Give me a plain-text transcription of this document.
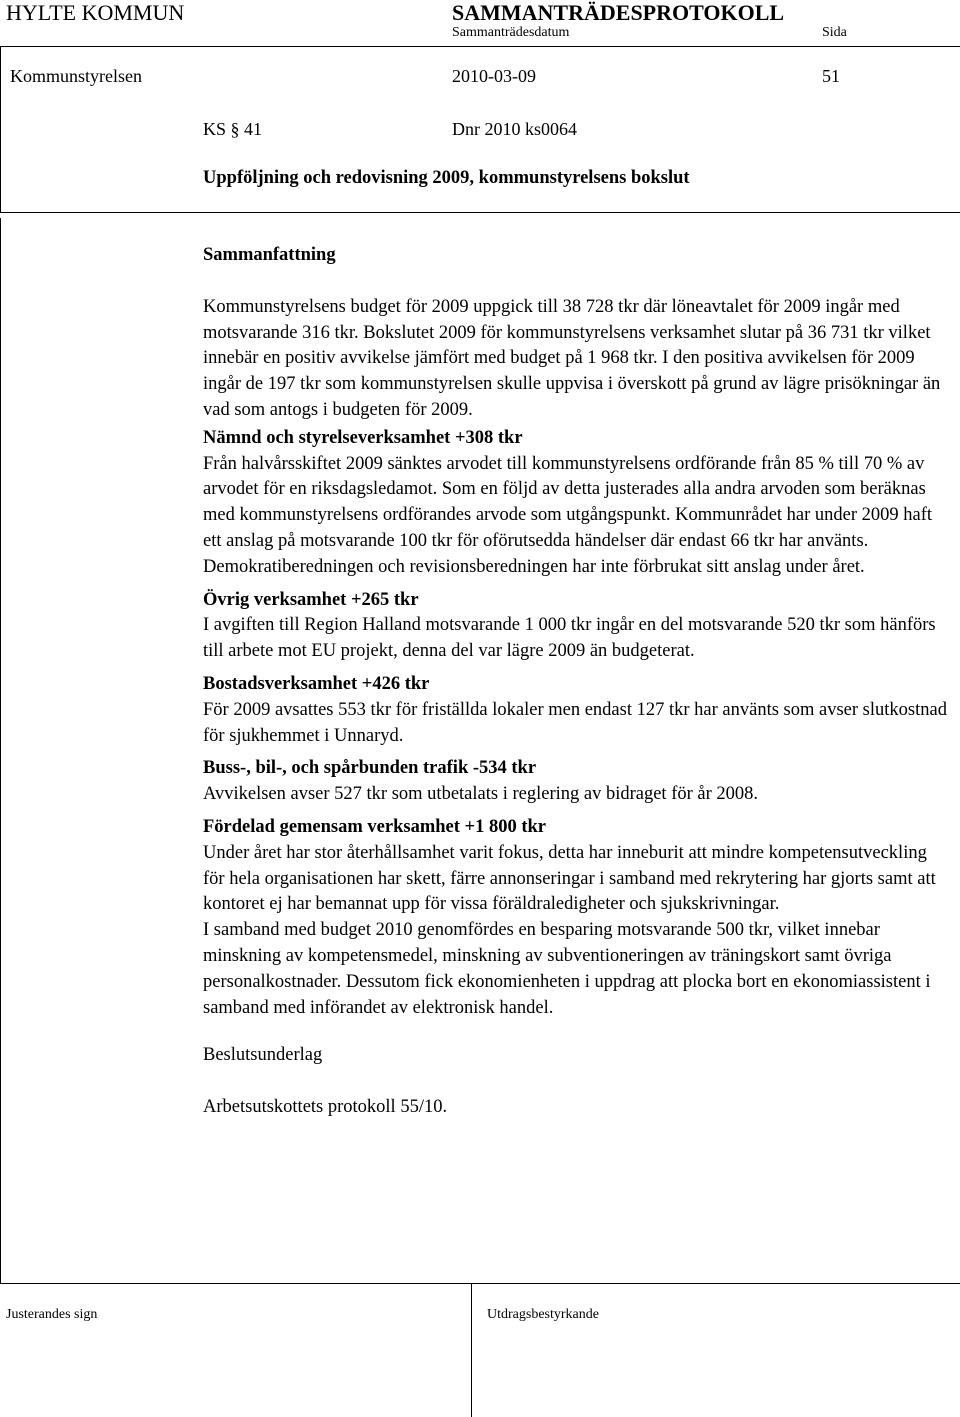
HYLTE KOMMUN	SAMMANTRÄDESPROTOKOLL
Sammanträdesdatum	Sida
Kommunstyrelsen	2010-03-09	51
KS § 41	Dnr 2010 ks0064
Uppföljning och redovisning 2009, kommunstyrelsens bokslut
Sammanfattning

Kommunstyrelsens budget för 2009 uppgick till 38 728 tkr där löneavtalet för 2009 ingår med motsvarande 316 tkr. Bokslutet 2009 för kommunstyrelsens verksamhet slutar på 36 731 tkr vilket innebär en positiv avvikelse jämfört med budget på 1 968 tkr. I den positiva avvikelsen för 2009 ingår de 197 tkr som kommunstyrelsen skulle uppvisa i överskott på grund av lägre prisökningar än vad som antogs i budgeten för 2009.

Nämnd och styrelseverksamhet +308 tkr

Från halvårsskiftet 2009 sänktes arvodet till kommunstyrelsens ordförande från 85 % till 70 % av arvodet för en riksdagsledamot. Som en följd av detta justerades alla andra arvoden som beräknas med kommunstyrelsens ordförandes arvode som utgångspunkt. Kommunrådet har under 2009 haft ett anslag på motsvarande 100 tkr för oförutsedda händelser där endast 66 tkr har använts. Demokratiberedningen och revisionsberedningen har inte förbrukat sitt anslag under året.

Övrig verksamhet +265 tkr

I avgiften till Region Halland motsvarande 1 000 tkr ingår en del motsvarande 520 tkr som hänförs till arbete mot EU projekt, denna del var lägre 2009 än budgeterat.

Bostadsverksamhet +426 tkr

För 2009 avsattes 553 tkr för friställda lokaler men endast 127 tkr har använts som avser slutkostnad för sjukhemmet i Unnaryd.

Buss-, bil-, och spårbunden trafik -534 tkr

Avvikelsen avser 527 tkr som utbetalats i reglering av bidraget för år 2008.

Fördelad gemensam verksamhet +1 800 tkr

Under året har stor återhållsamhet varit fokus, detta har inneburit att mindre kompetensutveckling för hela organisationen har skett, färre annonseringar i samband med rekrytering har gjorts samt att kontoret ej har bemannat upp för vissa föräldraledigheter och sjukskrivningar.

I samband med budget 2010 genomfördes en besparing motsvarande 500 tkr, vilket innebar minskning av kompetensmedel, minskning av subventioneringen av träningskort samt övriga personalkostnader. Dessutom fick ekonomienheten i uppdrag att plocka bort en ekonomiassistent i samband med införandet av elektronisk handel.

Beslutsunderlag

Arbetsutskottets protokoll 55/10.

Justerandes sign	Utdragsbestyrkande
